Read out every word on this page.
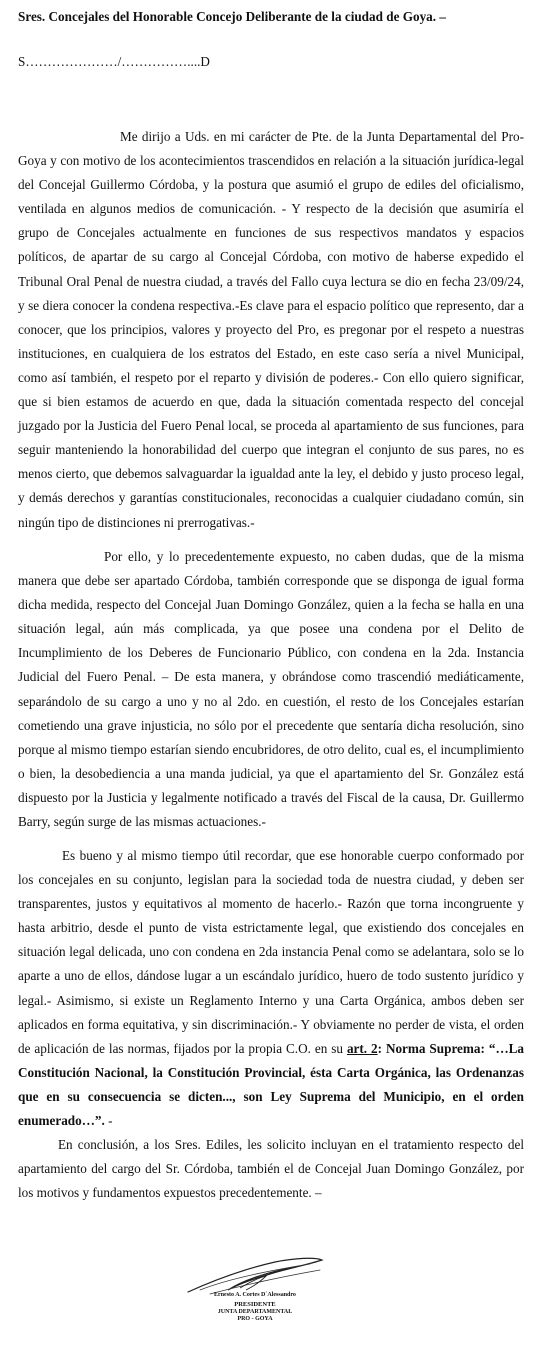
Sres. Concejales del Honorable Concejo Deliberante de la ciudad de Goya. –
S…………………/……………....D

Me dirijo a Uds. en mi carácter de Pte. de la Junta Departamental del Pro- Goya y con motivo de los acontecimientos trascendidos en relación a la situación jurídica-legal del Concejal Guillermo Córdoba, y la postura que asumió el grupo de ediles del oficialismo, ventilada en algunos medios de comunicación. - Y respecto de la decisión que asumiría el grupo de Concejales actualmente en funciones de sus respectivos mandatos y espacios políticos, de apartar de su cargo al Concejal Córdoba, con motivo de haberse expedido el Tribunal Oral Penal de nuestra ciudad, a través del Fallo cuya lectura se dio en fecha 23/09/24, y se diera conocer la condena respectiva.-Es clave para el espacio político que represento, dar a conocer, que los principios, valores y proyecto del Pro, es pregonar por el respeto a nuestras instituciones, en cualquiera de los estratos del Estado, en este caso sería a nivel Municipal, como así también, el respeto por el reparto y división de poderes.- Con ello quiero significar, que si bien estamos de acuerdo en que, dada la situación comentada respecto del concejal juzgado por la Justicia del Fuero Penal local, se proceda al apartamiento de sus funciones, para seguir manteniendo la honorabilidad del cuerpo que integran el conjunto de sus pares, no es menos cierto, que debemos salvaguardar la igualdad ante la ley, el debido y justo proceso legal, y demás derechos y garantías constitucionales, reconocidas a cualquier ciudadano común, sin ningún tipo de distinciones ni prerrogativas.-

Por ello, y lo precedentemente expuesto, no caben dudas, que de la misma manera que debe ser apartado Córdoba, también corresponde que se disponga de igual forma dicha medida, respecto del Concejal Juan Domingo González, quien a la fecha se halla en una situación legal, aún más complicada, ya que posee una condena por el Delito de Incumplimiento de los Deberes de Funcionario Público, con condena en la 2da. Instancia Judicial del Fuero Penal. – De esta manera, y obrándose como trascendió mediáticamente, separándolo de su cargo a uno y no al 2do. en cuestión, el resto de los Concejales estarían cometiendo una grave injusticia, no sólo por el precedente que sentaría dicha resolución, sino porque al mismo tiempo estarían siendo encubridores, de otro delito, cual es, el incumplimiento o bien, la desobediencia a una manda judicial, ya que el apartamiento del Sr. González está dispuesto por la Justicia y legalmente notificado a través del Fiscal de la causa, Dr. Guillermo Barry, según surge de las mismas actuaciones.-

Es bueno y al mismo tiempo útil recordar, que ese honorable cuerpo conformado por los concejales en su conjunto, legislan para la sociedad toda de nuestra ciudad, y deben ser transparentes, justos y equitativos al momento de hacerlo.- Razón que torna incongruente y hasta arbitrio, desde el punto de vista estrictamente legal, que existiendo dos concejales en situación legal delicada, uno con condena en 2da instancia Penal como se adelantara, solo se lo aparte a uno de ellos, dándose lugar a un escándalo jurídico, huero de todo sustento jurídico y legal.- Asimismo, si existe un Reglamento Interno y una Carta Orgánica, ambos deben ser aplicados en forma equitativa, y sin discriminación.- Y obviamente no perder de vista, el orden de aplicación de las normas, fijados por la propia C.O. en su art. 2: Norma Suprema: “…La Constitución Nacional, la Constitución Provincial, ésta Carta Orgánica, las Ordenanzas que en su consecuencia se dicten..., son Ley Suprema del Municipio, en el orden enumerado…”. -

En conclusión, a los Sres. Ediles, les solicito incluyan en el tratamiento respecto del apartamiento del cargo del Sr. Córdoba, también el de Concejal Juan Domingo González, por los motivos y fundamentos expuestos precedentemente. –

Ernesto A. Cortes D´Alessandro
PRESIDENTE
JUNTA DEPARTAMENTAL
PRO - GOYA
